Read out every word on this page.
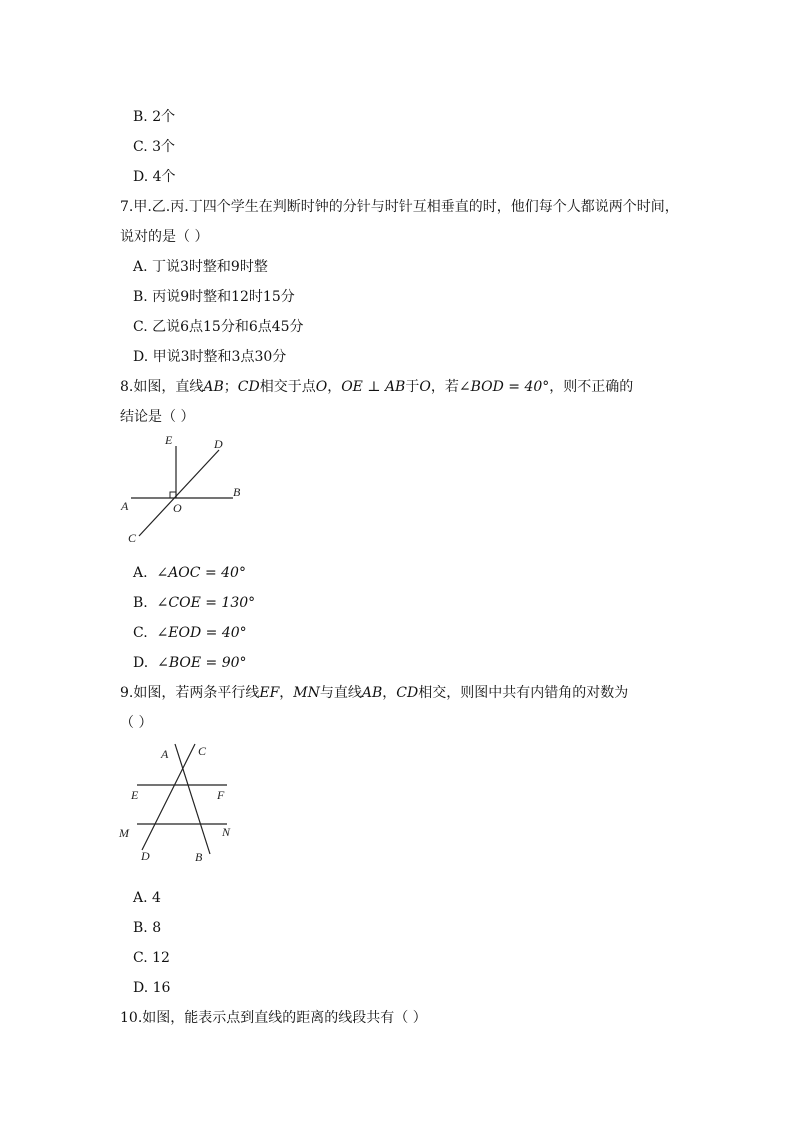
B. 2个
C. 3个
D. 4个
7.甲.乙.丙.丁四个学生在判断时钟的分针与时针互相垂直的时，他们每个人都说两个时间，
说对的是（ ）
A. 丁说3时整和9时整
B. 丙说9时整和12时15分
C. 乙说6点15分和6点45分
D. 甲说3时整和3点30分
8.如图，直线AB；CD相交于点O，OE ⊥ AB于O，若∠BOD = 40°，则不正确的
结论是（ ）
E	D
A	O
B
C
A. ∠AOC = 40°
B. ∠COE = 130°
C. ∠EOD = 40°
D. ∠BOE = 90°
9.如图，若两条平行线EF，MN与直线AB，CD相交，则图中共有内错角的对数为
（ ）
A C
E	F
M	N
D	B
A. 4
B. 8
C. 12
D. 16
10.如图，能表示点到直线的距离的线段共有（ ）
